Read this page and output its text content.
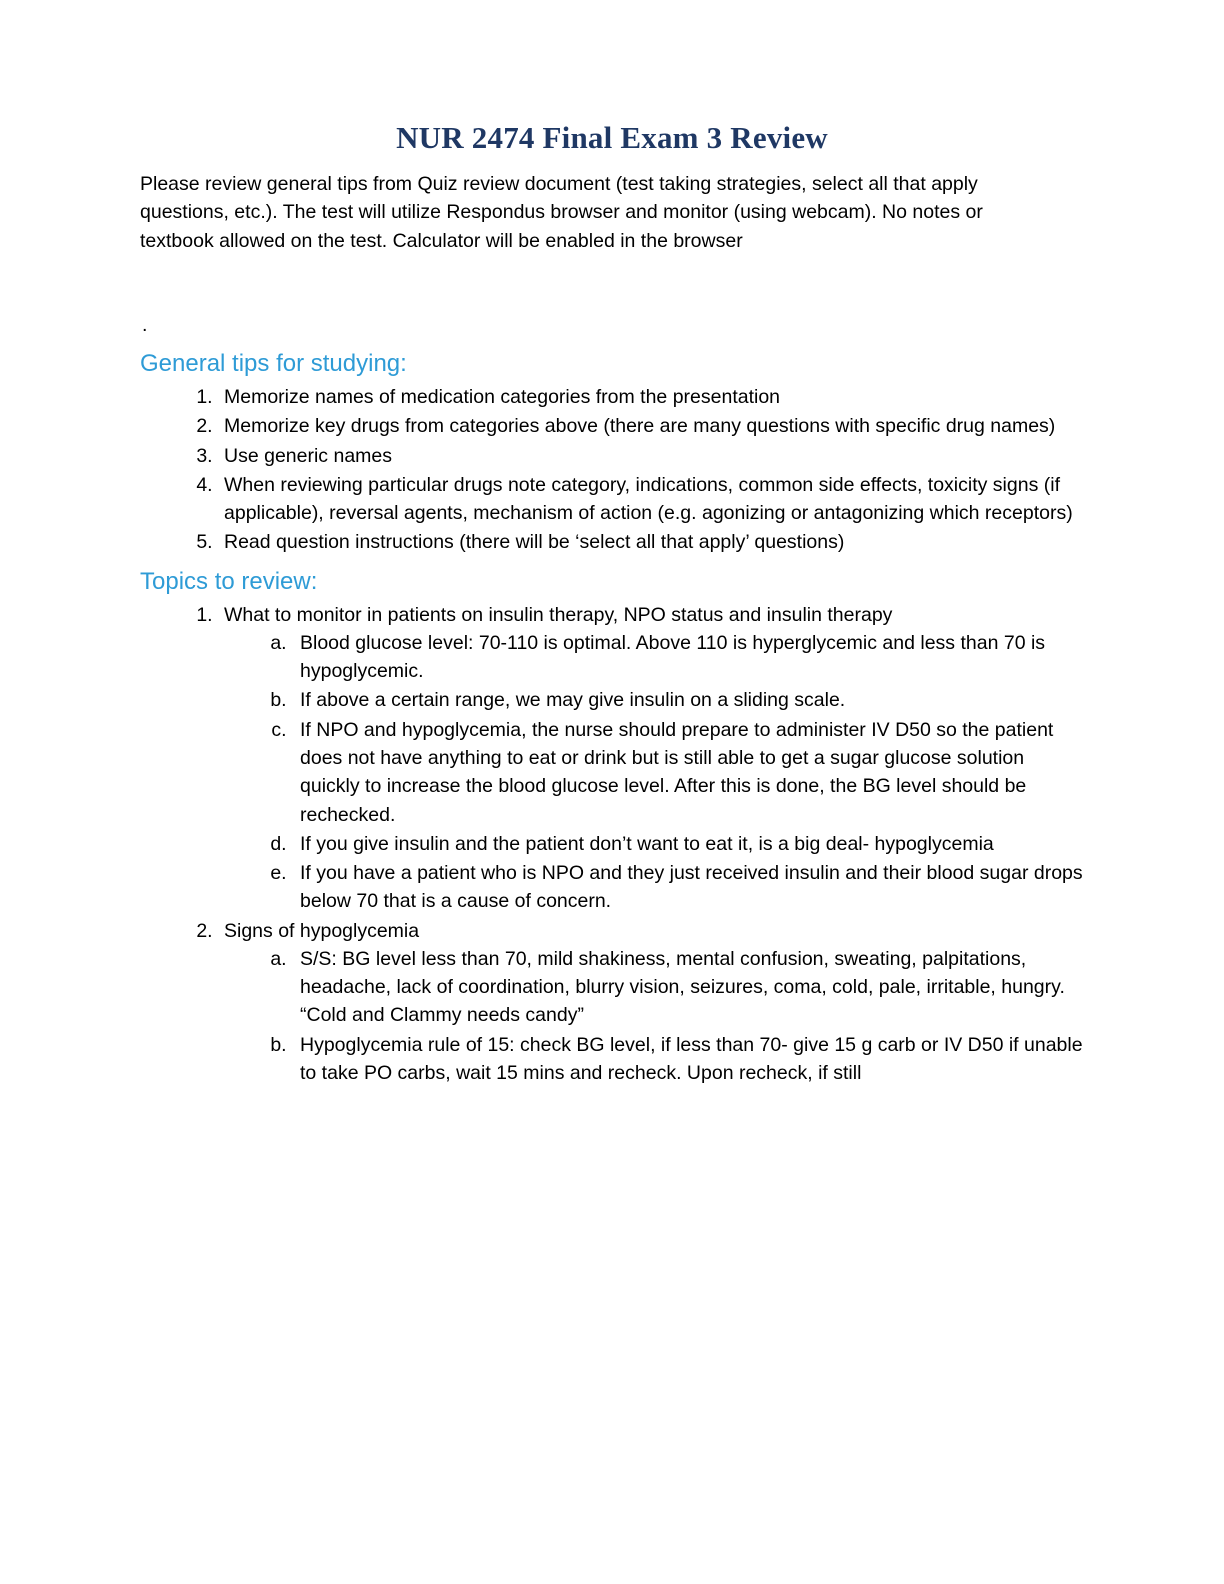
NUR 2474 Final Exam 3 Review

Please review general tips from Quiz review document (test taking strategies, select all that apply questions, etc.). The test will utilize Respondus browser and monitor (using webcam). No notes or textbook allowed on the test. Calculator will be enabled in the browser

.

General tips for studying:
1. Memorize names of medication categories from the presentation
2. Memorize key drugs from categories above (there are many questions with specific drug names)
3. Use generic names
4. When reviewing particular drugs note category, indications, common side effects, toxicity signs (if applicable), reversal agents, mechanism of action (e.g. agonizing or antagonizing which receptors)
5. Read question instructions (there will be ‘select all that apply’ questions)
Topics to review:
1. What to monitor in patients on insulin therapy, NPO status and insulin therapy
a. Blood glucose level: 70-110 is optimal. Above 110 is hyperglycemic and less than 70 is hypoglycemic.
b. If above a certain range, we may give insulin on a sliding scale.
c. If NPO and hypoglycemia, the nurse should prepare to administer IV D50 so the patient does not have anything to eat or drink but is still able to get a sugar glucose solution quickly to increase the blood glucose level. After this is done, the BG level should be rechecked.
d. If you give insulin and the patient don’t want to eat it, is a big deal- hypoglycemia
e. If you have a patient who is NPO and they just received insulin and their blood sugar drops below 70 that is a cause of concern.
2. Signs of hypoglycemia
a. S/S: BG level less than 70, mild shakiness, mental confusion, sweating, palpitations, headache, lack of coordination, blurry vision, seizures, coma, cold, pale, irritable, hungry. “Cold and Clammy needs candy”
b. Hypoglycemia rule of 15: check BG level, if less than 70- give 15 g carb or IV D50 if unable to take PO carbs, wait 15 mins and recheck. Upon recheck, if still
